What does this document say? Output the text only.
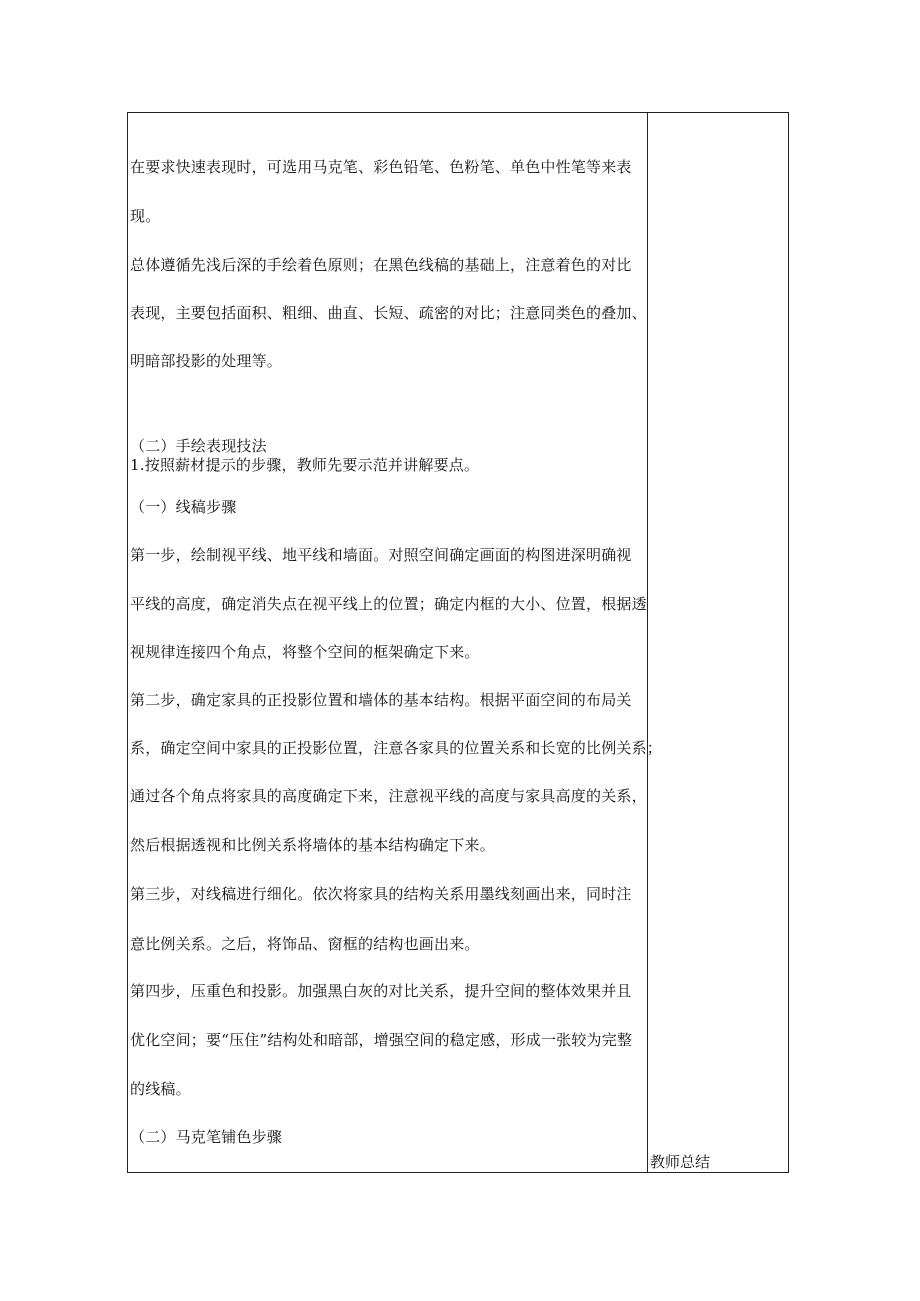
在要求快速表现时，可选用马克笔、彩色铅笔、色粉笔、单色中性笔等来表
现。
总体遵循先浅后深的手绘着色原则；在黑色线稿的基础上，注意着色的对比
表现，主要包括面积、粗细、曲直、长短、疏密的对比；注意同类色的叠加、
明暗部投影的处理等。
（二）手绘表现技法
1.按照薪材提示的步骤，教师先要示范并讲解要点。
（一）线稿步骤
第一步，绘制视平线、地平线和墙面。对照空间确定画面的构图进深明确视
平线的高度，确定消失点在视平线上的位置；确定内框的大小、位置，根据透
视规律连接四个角点，将整个空间的框架确定下来。
第二步，确定家具的正投影位置和墙体的基本结构。根据平面空间的布局关
系，确定空间中家具的正投影位置，注意各家具的位置关系和长宽的比例关系；
通过各个角点将家具的高度确定下来，注意视平线的高度与家具高度的关系，
然后根据透视和比例关系将墙体的基本结构确定下来。
第三步，对线稿进行细化。依次将家具的结构关系用墨线刻画出来，同时注
意比例关系。之后，将饰品、窗框的结构也画出来。
第四步，压重色和投影。加强黑白灰的对比关系，提升空间的整体效果并且
优化空间；要“压住”结构处和暗部，增强空间的稳定感，形成一张较为完整
的线稿。
（二）马克笔铺色步骤
教师总结
